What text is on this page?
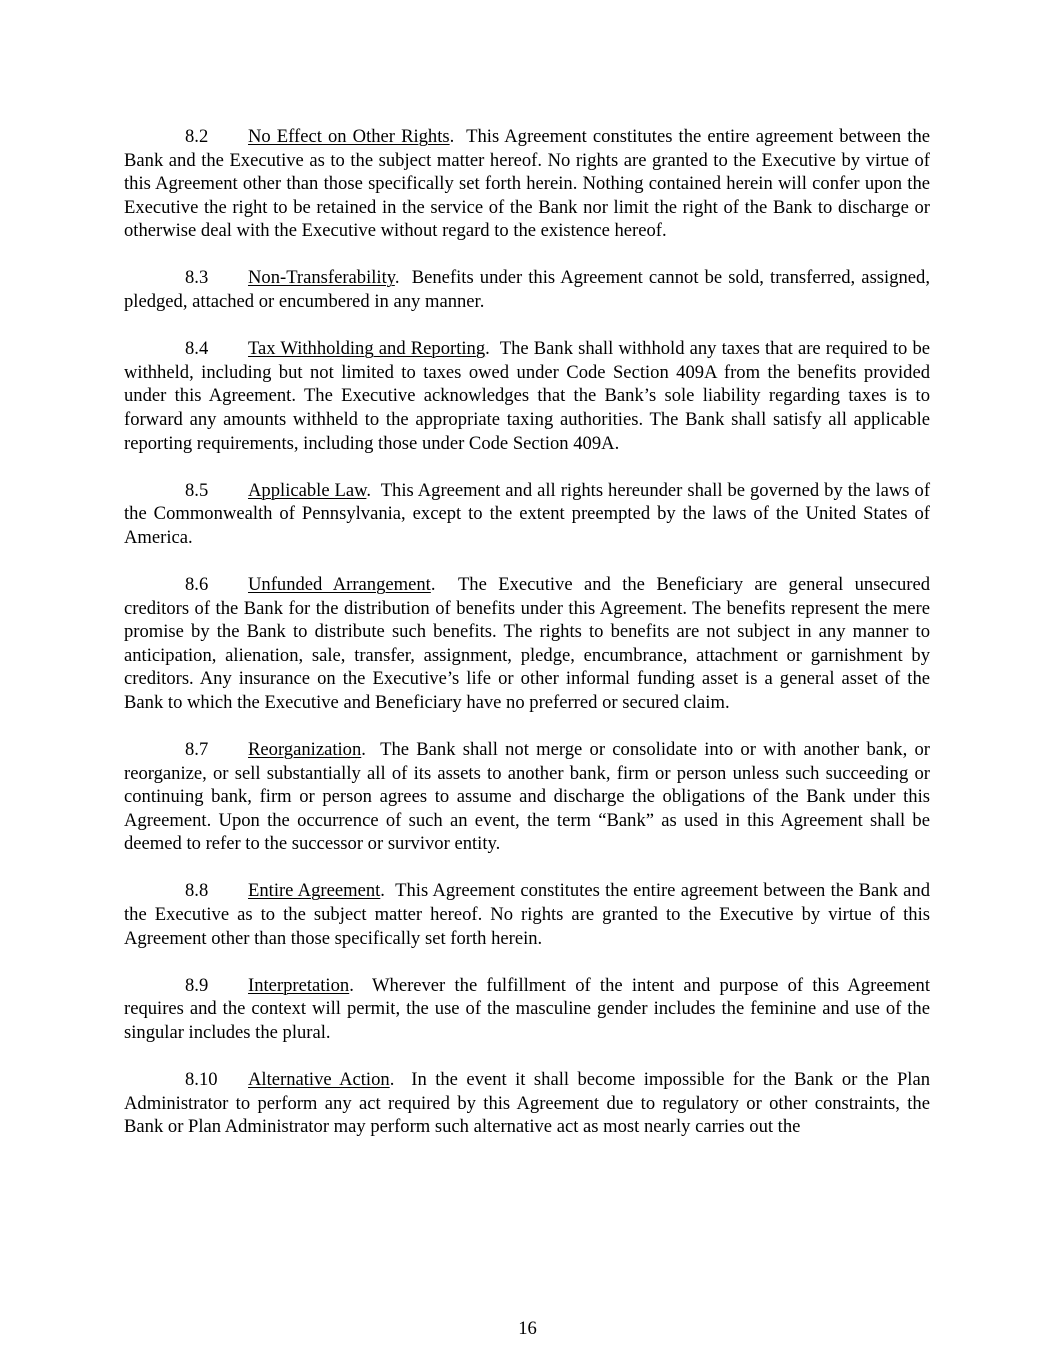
8.2 No Effect on Other Rights.  This Agreement constitutes the entire agreement between the Bank and the Executive as to the subject matter hereof. No rights are granted to the Executive by virtue of this Agreement other than those specifically set forth herein. Nothing contained herein will confer upon the Executive the right to be retained in the service of the Bank nor limit the right of the Bank to discharge or otherwise deal with the Executive without regard to the existence hereof.

8.3 Non-Transferability.  Benefits under this Agreement cannot be sold, transferred, assigned, pledged, attached or encumbered in any manner.

8.4 Tax Withholding and Reporting.  The Bank shall withhold any taxes that are required to be withheld, including but not limited to taxes owed under Code Section 409A from the benefits provided under this Agreement. The Executive acknowledges that the Bank’s sole liability regarding taxes is to forward any amounts withheld to the appropriate taxing authorities. The Bank shall satisfy all applicable reporting requirements, including those under Code Section 409A.

8.5 Applicable Law.  This Agreement and all rights hereunder shall be governed by the laws of the Commonwealth of Pennsylvania, except to the extent preempted by the laws of the United States of America.

8.6 Unfunded Arrangement.  The Executive and the Beneficiary are general unsecured creditors of the Bank for the distribution of benefits under this Agreement. The benefits represent the mere promise by the Bank to distribute such benefits. The rights to benefits are not subject in any manner to anticipation, alienation, sale, transfer, assignment, pledge, encumbrance, attachment or garnishment by creditors. Any insurance on the Executive’s life or other informal funding asset is a general asset of the Bank to which the Executive and Beneficiary have no preferred or secured claim.

8.7 Reorganization.  The Bank shall not merge or consolidate into or with another bank, or reorganize, or sell substantially all of its assets to another bank, firm or person unless such succeeding or continuing bank, firm or person agrees to assume and discharge the obligations of the Bank under this Agreement. Upon the occurrence of such an event, the term “Bank” as used in this Agreement shall be deemed to refer to the successor or survivor entity.

8.8 Entire Agreement.  This Agreement constitutes the entire agreement between the Bank and the Executive as to the subject matter hereof. No rights are granted to the Executive by virtue of this Agreement other than those specifically set forth herein.

8.9 Interpretation.  Wherever the fulfillment of the intent and purpose of this Agreement requires and the context will permit, the use of the masculine gender includes the feminine and use of the singular includes the plural.

8.10 Alternative Action.  In the event it shall become impossible for the Bank or the Plan Administrator to perform any act required by this Agreement due to regulatory or other constraints, the Bank or Plan Administrator may perform such alternative act as most nearly carries out the

16
